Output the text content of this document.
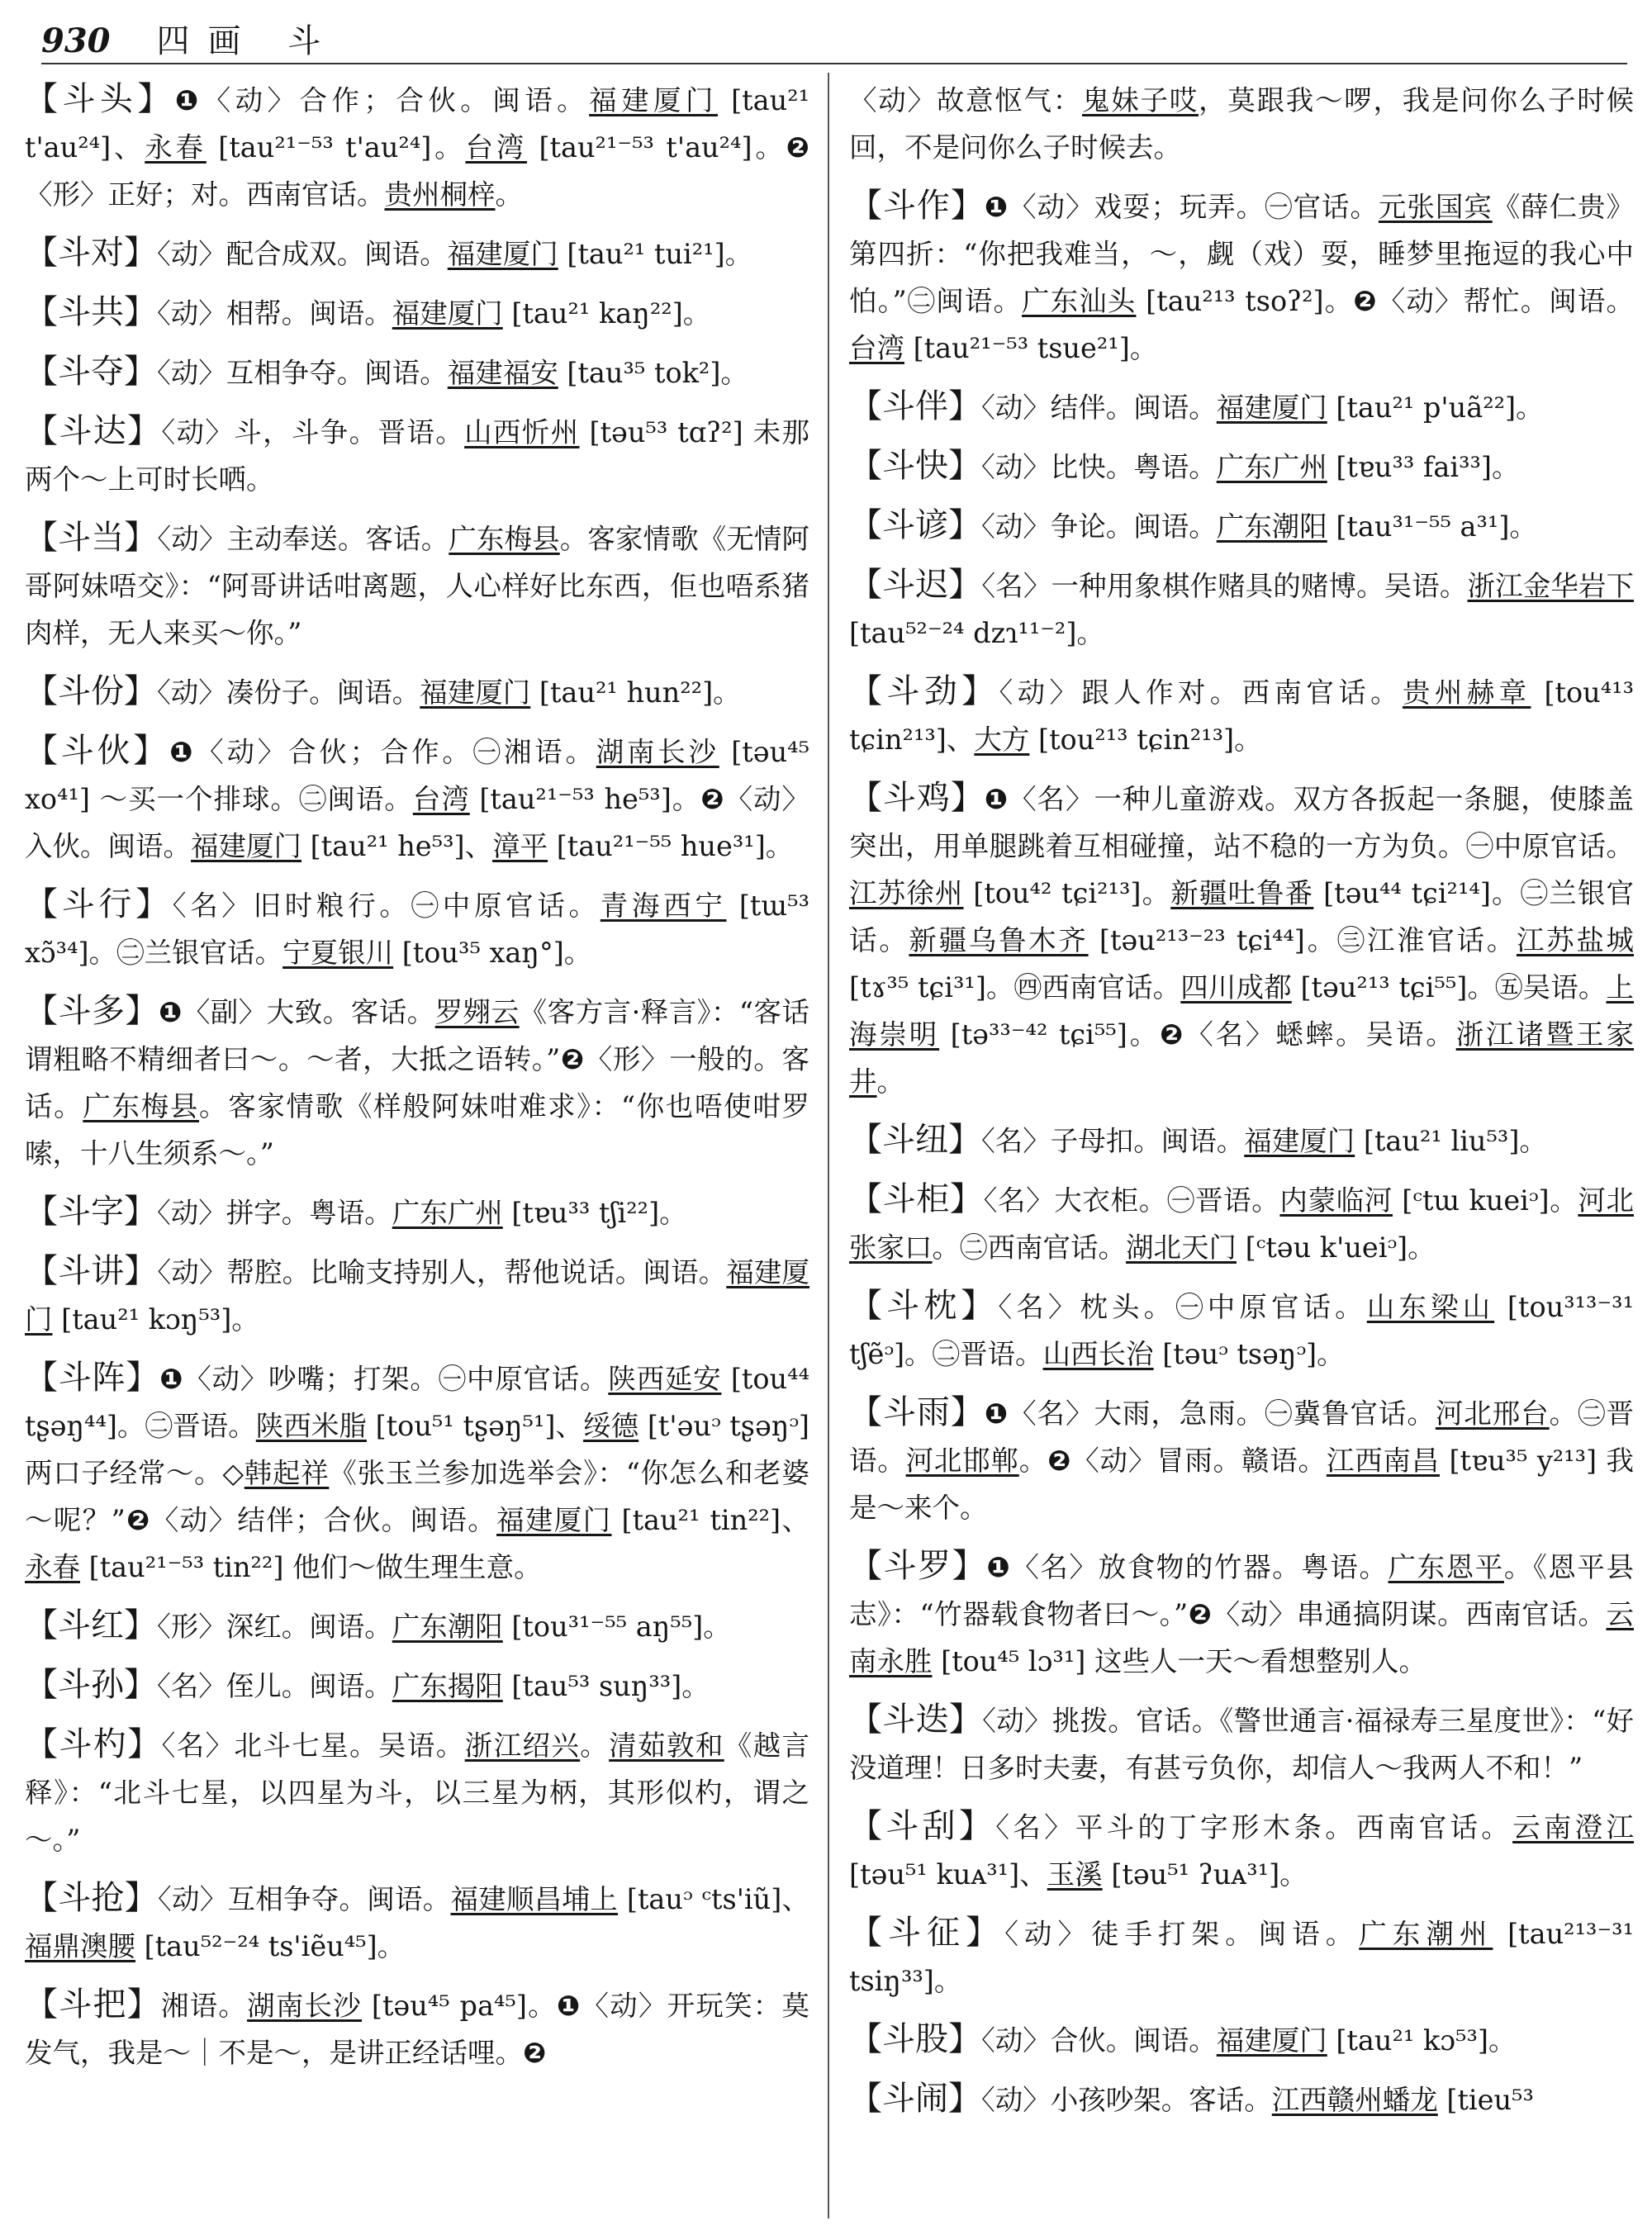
930 四画 斗
【斗头】❶〈动〉合作；合伙。闽语。福建厦门 [tau²¹ t'au²⁴]、永春 [tau²¹⁻⁵³ t'au²⁴]。台湾 [tau²¹⁻⁵³ t'au²⁴]。❷〈形〉正好；对。西南官话。贵州桐梓。
【斗对】〈动〉配合成双。闽语。福建厦门 [tau²¹ tui²¹]。
【斗共】〈动〉相帮。闽语。福建厦门 [tau²¹ kaŋ²²]。
【斗夺】〈动〉互相争夺。闽语。福建福安 [tau³⁵ tok²]。
【斗达】〈动〉斗，斗争。晋语。山西忻州 [təu⁵³ tɑʔ²] 未那两个～上可时长哂。
【斗当】〈动〉主动奉送。客话。广东梅县。客家情歌《无情阿哥阿妹唔交》：“阿哥讲话咁离题，人心样好比东西，佢也唔系猪肉样，无人来买～你。”
【斗份】〈动〉凑份子。闽语。福建厦门 [tau²¹ hun²²]。
【斗伙】❶〈动〉合伙；合作。㊀湘语。湖南长沙 [təu⁴⁵ xo⁴¹] ～买一个排球。㊁闽语。台湾 [tau²¹⁻⁵³ he⁵³]。❷〈动〉入伙。闽语。福建厦门 [tau²¹ he⁵³]、漳平 [tau²¹⁻⁵⁵ hue³¹]。
【斗行】〈名〉旧时粮行。㊀中原官话。青海西宁 [tɯ⁵³ xɔ̃³⁴]。㊁兰银官话。宁夏银川 [tou³⁵ xaŋ°]。
【斗多】❶〈副〉大致。客话。罗翙云《客方言·释言》：“客话谓粗略不精细者曰～。～者，大抵之语转。”❷〈形〉一般的。客话。广东梅县。客家情歌《样般阿妹咁难求》：“你也唔使咁罗嗦，十八生须系～。”
【斗字】〈动〉拼字。粤语。广东广州 [tɐu³³ tʃi²²]。
【斗讲】〈动〉帮腔。比喻支持别人，帮他说话。闽语。福建厦门 [tau²¹ kɔŋ⁵³]。
【斗阵】❶〈动〉吵嘴；打架。㊀中原官话。陕西延安 [tou⁴⁴ tʂəŋ⁴⁴]。㊁晋语。陕西米脂 [tou⁵¹ tʂəŋ⁵¹]、绥德 [t'əuᵓ tʂəŋᵓ] 两口子经常～。◇韩起祥《张玉兰参加选举会》：“你怎么和老婆～呢？”❷〈动〉结伴；合伙。闽语。福建厦门 [tau²¹ tin²²]、永春 [tau²¹⁻⁵³ tin²²] 他们～做生理生意。
【斗红】〈形〉深红。闽语。广东潮阳 [tou³¹⁻⁵⁵ aŋ⁵⁵]。
【斗孙】〈名〉侄儿。闽语。广东揭阳 [tau⁵³ suŋ³³]。
【斗杓】〈名〉北斗七星。吴语。浙江绍兴。清茹敦和《越言释》：“北斗七星，以四星为斗，以三星为柄，其形似杓，谓之～。”
【斗抢】〈动〉互相争夺。闽语。福建顺昌埔上 [tauᵓ ᶜts'iũ]、福鼎澳腰 [tau⁵²⁻²⁴ ts'iẽu⁴⁵]。
【斗把】湘语。湖南长沙 [təu⁴⁵ pa⁴⁵]。❶〈动〉开玩笑：莫发气，我是～｜不是～，是讲正经话哩。❷
〈动〉故意怄气：鬼妹子哎，莫跟我～啰，我是问你么子时候回，不是问你么子时候去。
【斗作】❶〈动〉戏耍；玩弄。㊀官话。元张国宾《薛仁贵》第四折：“你把我难当，～，觑（戏）耍，睡梦里拖逗的我心中怕。”㊁闽语。广东汕头 [tau²¹³ tsoʔ²]。❷〈动〉帮忙。闽语。台湾 [tau²¹⁻⁵³ tsue²¹]。
【斗伴】〈动〉结伴。闽语。福建厦门 [tau²¹ p'uã²²]。
【斗快】〈动〉比快。粤语。广东广州 [tɐu³³ fai³³]。
【斗谚】〈动〉争论。闽语。广东潮阳 [tau³¹⁻⁵⁵ a³¹]。
【斗迟】〈名〉一种用象棋作赌具的赌博。吴语。浙江金华岩下 [tau⁵²⁻²⁴ dzɿ¹¹⁻²]。
【斗劲】〈动〉跟人作对。西南官话。贵州赫章 [tou⁴¹³ tɕin²¹³]、大方 [tou²¹³ tɕin²¹³]。
【斗鸡】❶〈名〉一种儿童游戏。双方各扳起一条腿，使膝盖突出，用单腿跳着互相碰撞，站不稳的一方为负。㊀中原官话。江苏徐州 [tou⁴² tɕi²¹³]。新疆吐鲁番 [təu⁴⁴ tɕi²¹⁴]。㊁兰银官话。新疆乌鲁木齐 [təu²¹³⁻²³ tɕi⁴⁴]。㊂江淮官话。江苏盐城 [tɤ³⁵ tɕi³¹]。㊃西南官话。四川成都 [təu²¹³ tɕi⁵⁵]。㊄吴语。上海崇明 [tə³³⁻⁴² tɕi⁵⁵]。❷〈名〉蟋蟀。吴语。浙江诸暨王家井。
【斗纽】〈名〉子母扣。闽语。福建厦门 [tau²¹ liu⁵³]。
【斗柜】〈名〉大衣柜。㊀晋语。内蒙临河 [ᶜtɯ kueiᵓ]。河北张家口。㊁西南官话。湖北天门 [ᶜtəu k'ueiᵓ]。
【斗枕】〈名〉枕头。㊀中原官话。山东梁山 [tou³¹³⁻³¹ tʃẽᵓ]。㊁晋语。山西长治 [təuᵓ tsəŋᵓ]。
【斗雨】❶〈名〉大雨，急雨。㊀冀鲁官话。河北邢台。㊁晋语。河北邯郸。❷〈动〉冒雨。赣语。江西南昌 [tɐu³⁵ y²¹³] 我是～来个。
【斗罗】❶〈名〉放食物的竹器。粤语。广东恩平。《恩平县志》：“竹器载食物者曰～。”❷〈动〉串通搞阴谋。西南官话。云南永胜 [tou⁴⁵ lɔ³¹] 这些人一天～看想整别人。
【斗迭】〈动〉挑拨。官话。《警世通言·福禄寿三星度世》：“好没道理！日多时夫妻，有甚亏负你，却信人～我两人不和！”
【斗刮】〈名〉平斗的丁字形木条。西南官话。云南澄江 [təu⁵¹ kuᴀ³¹]、玉溪 [təu⁵¹ ʔuᴀ³¹]。
【斗征】〈动〉徒手打架。闽语。广东潮州 [tau²¹³⁻³¹ tsiŋ³³]。
【斗股】〈动〉合伙。闽语。福建厦门 [tau²¹ kɔ⁵³]。
【斗闹】〈动〉小孩吵架。客话。江西赣州蟠龙 [tieu⁵³
